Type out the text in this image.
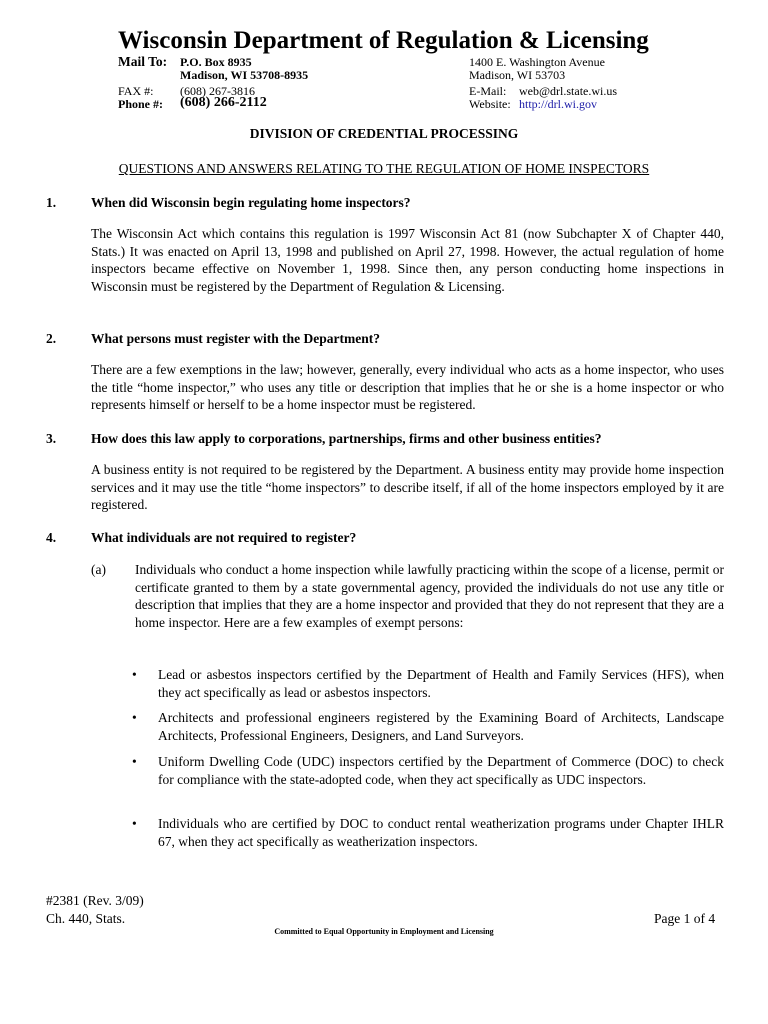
Wisconsin Department of Regulation & Licensing
Mail To: P.O. Box 8935
Madison, WI 53708-8935
1400 E. Washington Avenue
Madison, WI 53703
FAX #: (608) 267-3816
Phone #: (608) 266-2112
E-Mail: web@drl.state.wi.us
Website: http://drl.wi.gov
DIVISION OF CREDENTIAL PROCESSING
QUESTIONS AND ANSWERS RELATING TO THE REGULATION OF HOME INSPECTORS
1.	When did Wisconsin begin regulating home inspectors?
The Wisconsin Act which contains this regulation is 1997 Wisconsin Act 81 (now Subchapter X of Chapter 440, Stats.) It was enacted on April 13, 1998 and published on April 27, 1998. However, the actual regulation of home inspectors became effective on November 1, 1998. Since then, any person conducting home inspections in Wisconsin must be registered by the Department of Regulation & Licensing.
2.	What persons must register with the Department?
There are a few exemptions in the law; however, generally, every individual who acts as a home inspector, who uses the title “home inspector,” who uses any title or description that implies that he or she is a home inspector or who represents himself or herself to be a home inspector must be registered.
3.	How does this law apply to corporations, partnerships, firms and other business entities?
A business entity is not required to be registered by the Department. A business entity may provide home inspection services and it may use the title “home inspectors” to describe itself, if all of the home inspectors employed by it are registered.
4.	What individuals are not required to register?
(a) Individuals who conduct a home inspection while lawfully practicing within the scope of a license, permit or certificate granted to them by a state governmental agency, provided the individuals do not use any title or description that implies that they are a home inspector and provided that they do not represent that they are a home inspector. Here are a few examples of exempt persons:
• Lead or asbestos inspectors certified by the Department of Health and Family Services (HFS), when they act specifically as lead or asbestos inspectors.
• Architects and professional engineers registered by the Examining Board of Architects, Landscape Architects, Professional Engineers, Designers, and Land Surveyors.
• Uniform Dwelling Code (UDC) inspectors certified by the Department of Commerce (DOC) to check for compliance with the state-adopted code, when they act specifically as UDC inspectors.
• Individuals who are certified by DOC to conduct rental weatherization programs under Chapter IHLR 67, when they act specifically as weatherization inspectors.
#2381 (Rev. 3/09)
Ch. 440, Stats.	Page 1 of 4
Committed to Equal Opportunity in Employment and Licensing
